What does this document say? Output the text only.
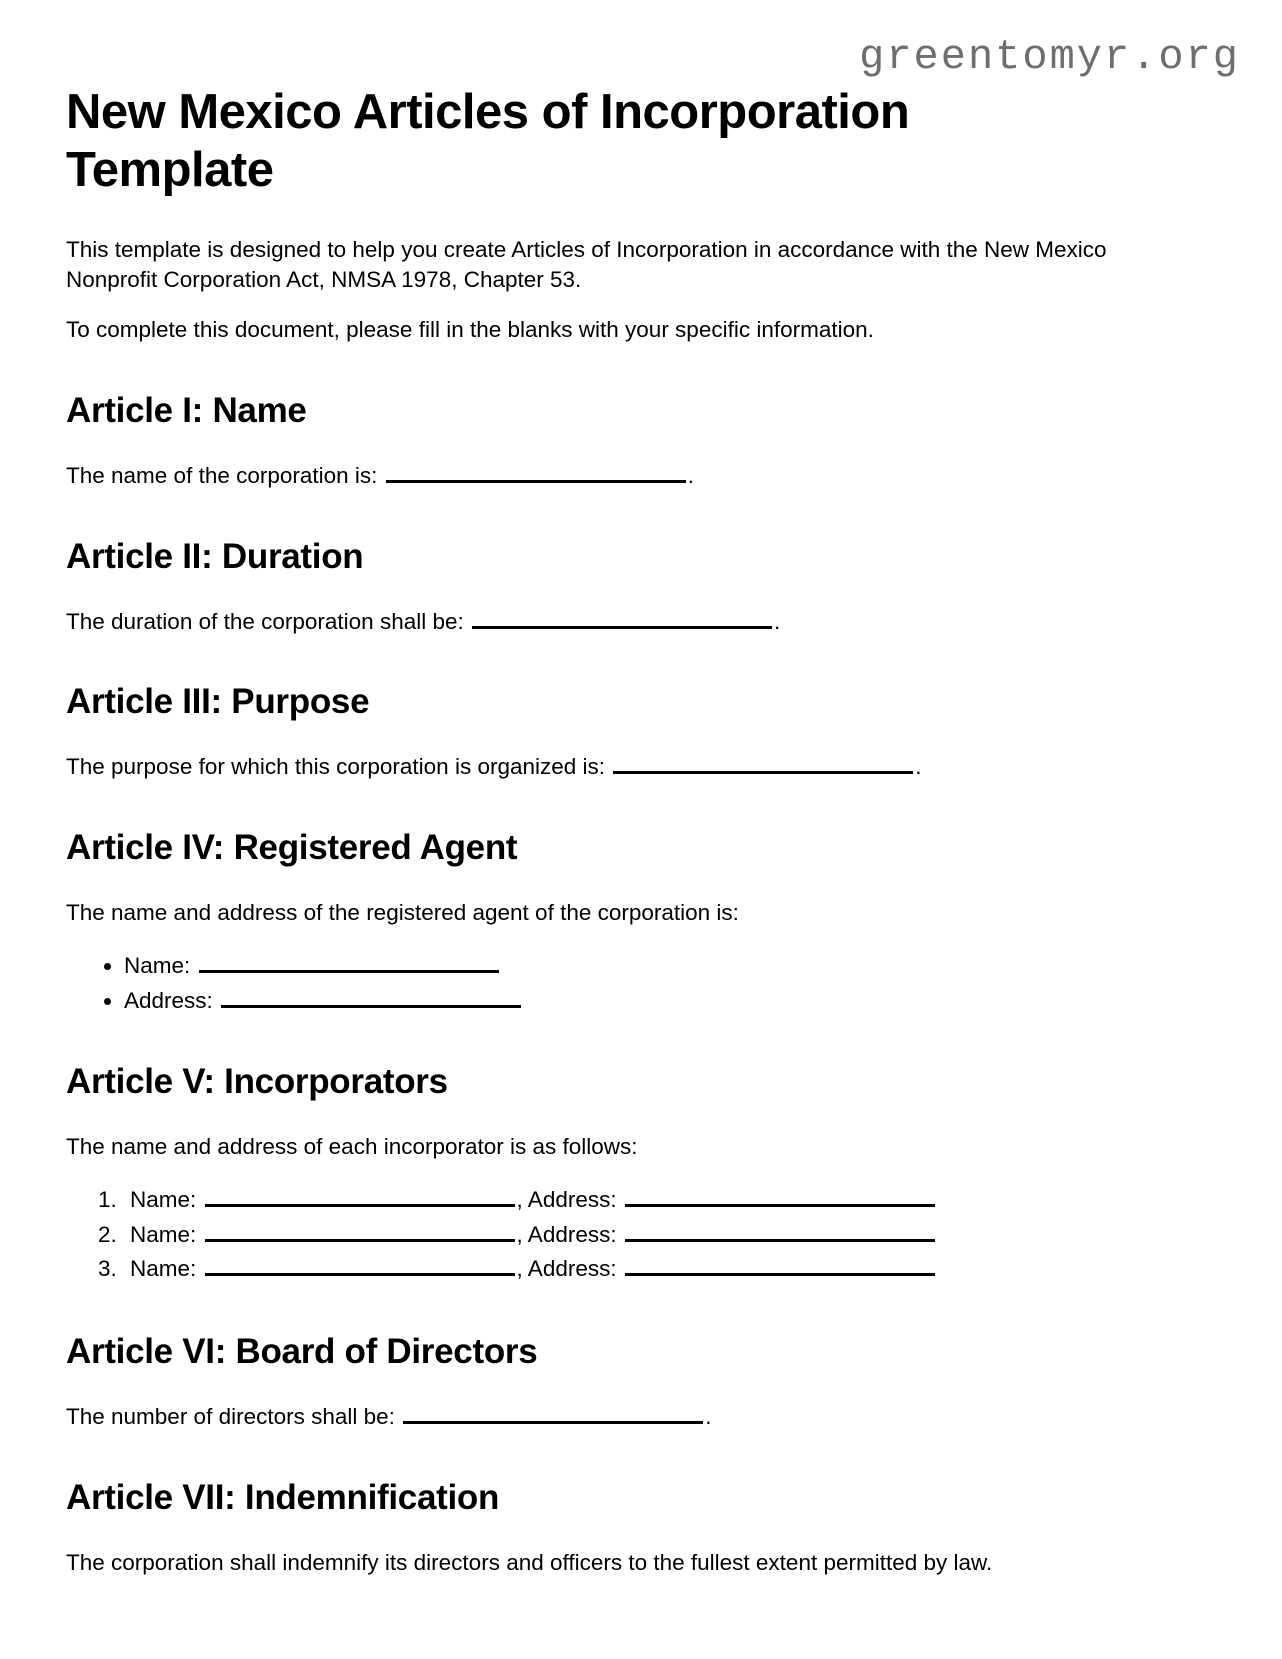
greentomyr.org
New Mexico Articles of Incorporation Template

This template is designed to help you create Articles of Incorporation in accordance with the New Mexico Nonprofit Corporation Act, NMSA 1978, Chapter 53.

To complete this document, please fill in the blanks with your specific information.

Article I: Name

The name of the corporation is:	.

Article II: Duration

The duration of the corporation shall be:	.

Article III: Purpose

The purpose for which this corporation is organized is:	.

Article IV: Registered Agent

The name and address of the registered agent of the corporation is:

• Name:
• Address:
Article V: Incorporators

The name and address of each incorporator is as follows:

1. Name:	, Address:
2. Name:	, Address:
3. Name:	, Address:
Article VI: Board of Directors

The number of directors shall be:	.

Article VII: Indemnification

The corporation shall indemnify its directors and officers to the fullest extent permitted by law.
